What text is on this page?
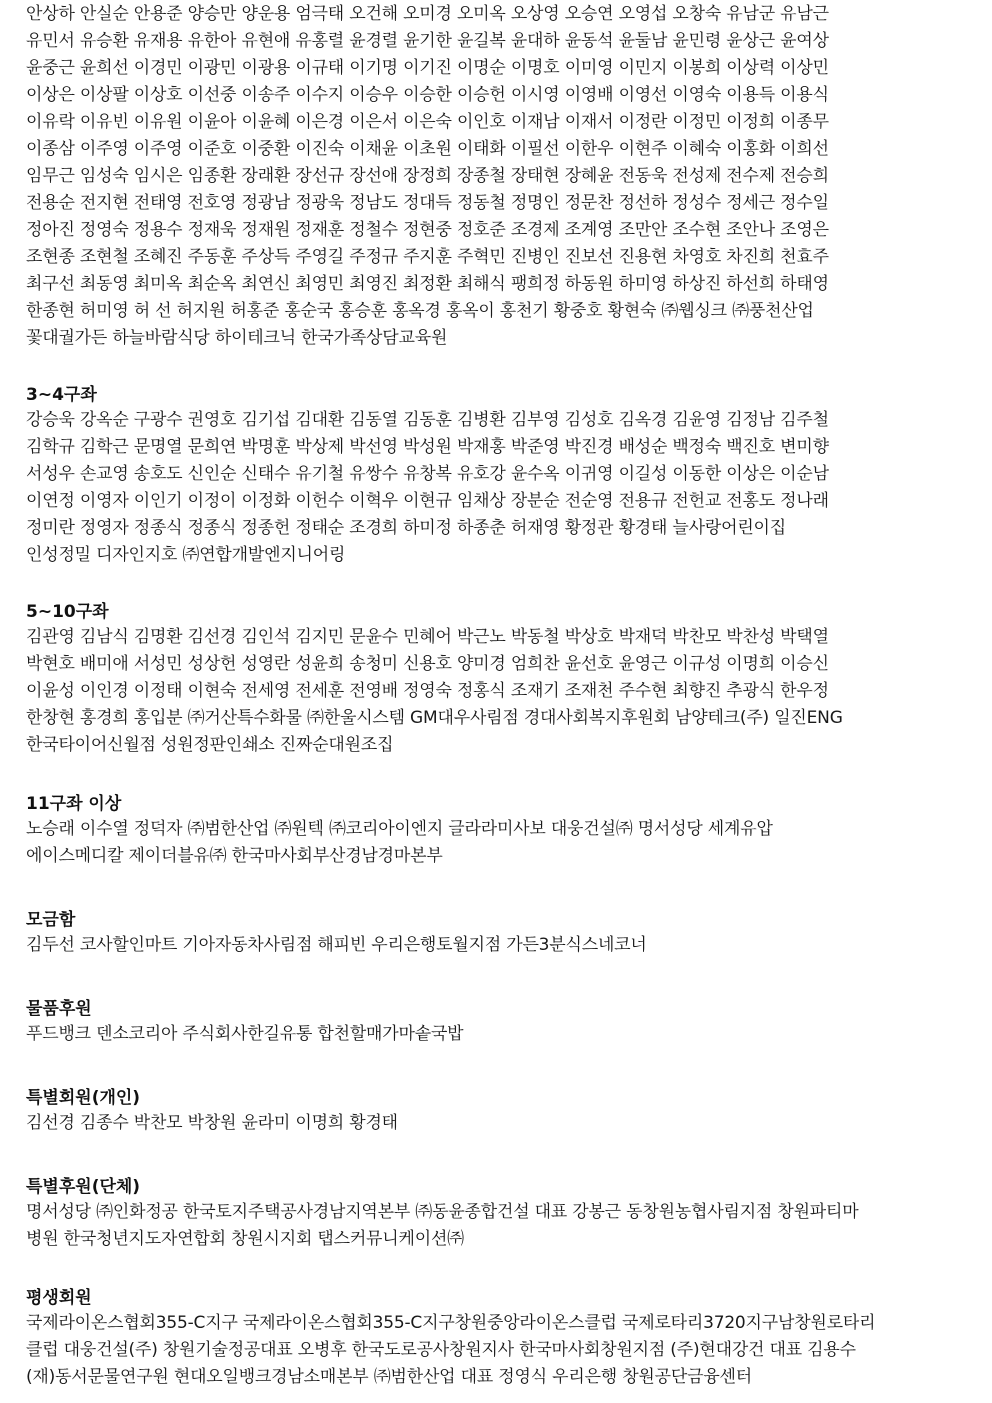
안상하 안실순 안용준 양승만 양운용 엄극태 오건해 오미경 오미옥 오상영 오승연 오영섭 오창숙 유남군 유남근

유민서 유승환 유재용 유한아 유현애 유홍렬 윤경렬 윤기한 윤길복 윤대하 윤동석 윤둘남 윤민령 윤상근 윤여상

윤중근 윤희선 이경민 이광민 이광용 이규태 이기명 이기진 이명순 이명호 이미영 이민지 이봉희 이상력 이상민

이상은 이상팔 이상호 이선중 이송주 이수지 이승우 이승한 이승헌 이시영 이영배 이영선 이영숙 이용득 이용식

이유락 이유빈 이유원 이윤아 이윤혜 이은경 이은서 이은숙 이인호 이재남 이재서 이정란 이정민 이정희 이종무

이종삼 이주영 이주영 이준호 이중환 이진숙 이채윤 이초원 이태화 이필선 이한우 이현주 이혜숙 이홍화 이희선

임무근 임성숙 임시은 임종환 장래환 장선규 장선애 장정희 장종철 장태현 장혜윤 전동욱 전성제 전수제 전승희

전용순 전지현 전태영 전호영 정광남 정광욱 정남도 정대득 정동철 정명인 정문찬 정선하 정성수 정세근 정수일

정아진 정영숙 정용수 정재욱 정재원 정재훈 정철수 정현중 정호준 조경제 조계영 조만안 조수현 조안나 조영은

조현종 조현철 조혜진 주동훈 주상득 주영길 주정규 주지훈 주혁민 진병인 진보선 진용현 차영호 차진희 천효주

최구선 최동영 최미옥 최순옥 최연신 최영민 최영진 최정환 최해식 팽희정 하동원 하미영 하상진 하선희 하태영

한종현 허미영 허 선 허지원 허홍준 홍순국 홍승훈 홍옥경 홍옥이 홍천기 황중호 황현숙 ㈜웹싱크 ㈜풍천산업

꽃대궐가든 하늘바람식당 하이테크닉 한국가족상담교육원

3~4구좌

강승욱 강옥순 구광수 권영호 김기섭 김대환 김동열 김동훈 김병환 김부영 김성호 김옥경 김윤영 김정남 김주철

김학규 김학근 문명열 문희연 박명훈 박상제 박선영 박성원 박재홍 박준영 박진경 배성순 백정숙 백진호 변미향

서성우 손교영 송호도 신인순 신태수 유기철 유쌍수 유창복 유호강 윤수옥 이귀영 이길성 이동한 이상은 이순남

이연정 이영자 이인기 이정이 이정화 이헌수 이혁우 이현규 임채상 장분순 전순영 전용규 전헌교 전홍도 정나래

정미란 정영자 정종식 정종식 정종헌 정태순 조경희 하미정 하종춘 허재영 황정관 황경태 늘사랑어린이집

인성정밀 디자인지호 ㈜연합개발엔지니어링

5~10구좌

김관영 김남식 김명환 김선경 김인석 김지민 문윤수 민혜어 박근노 박동철 박상호 박재덕 박찬모 박찬성 박택열

박현호 배미애 서성민 성상헌 성영란 성윤희 송청미 신용호 양미경 엄희찬 윤선호 윤영근 이규성 이명희 이승신

이윤성 이인경 이정태 이현숙 전세영 전세훈 전영배 정영숙 정홍식 조재기 조재천 주수현 최향진 추광식 한우정

한창현 홍경희 홍입분 ㈜거산특수화물 ㈜한울시스템 GM대우사림점 경대사회복지후원회 남양테크(주) 일진ENG

한국타이어신월점 성원정판인쇄소 진짜순대원조집

11구좌 이상

노승래 이수열 정덕자 ㈜범한산업 ㈜원텍 ㈜코리아이엔지 글라라미사보 대웅건설㈜ 명서성당 세계유압

에이스메디칼 제이더블유㈜ 한국마사회부산경남경마본부

모금함

김두선 코사할인마트 기아자동차사림점 해피빈 우리은행토월지점 가든3분식스네코너

물품후원

푸드뱅크 덴소코리아 주식회사한길유통 합천할매가마솥국밥

특별회원(개인)

김선경 김종수 박찬모 박창원 윤라미 이명희 황경태

특별후원(단체)

명서성당 ㈜인화정공 한국토지주택공사경남지역본부 ㈜동윤종합건설 대표 강봉근 동창원농협사림지점 창원파티마

병원 한국청년지도자연합회 창원시지회 탭스커뮤니케이션㈜

평생회원

국제라이온스협회355-C지구 국제라이온스협회355-C지구창원중앙라이온스클럽 국제로타리3720지구남창원로타리

클럽 대웅건설(주) 창원기술정공대표 오병후 한국도로공사창원지사 한국마사회창원지점 (주)현대강건 대표 김용수

(재)동서문물연구원 현대오일뱅크경남소매본부 ㈜범한산업 대표 정영식 우리은행 창원공단금융센터
